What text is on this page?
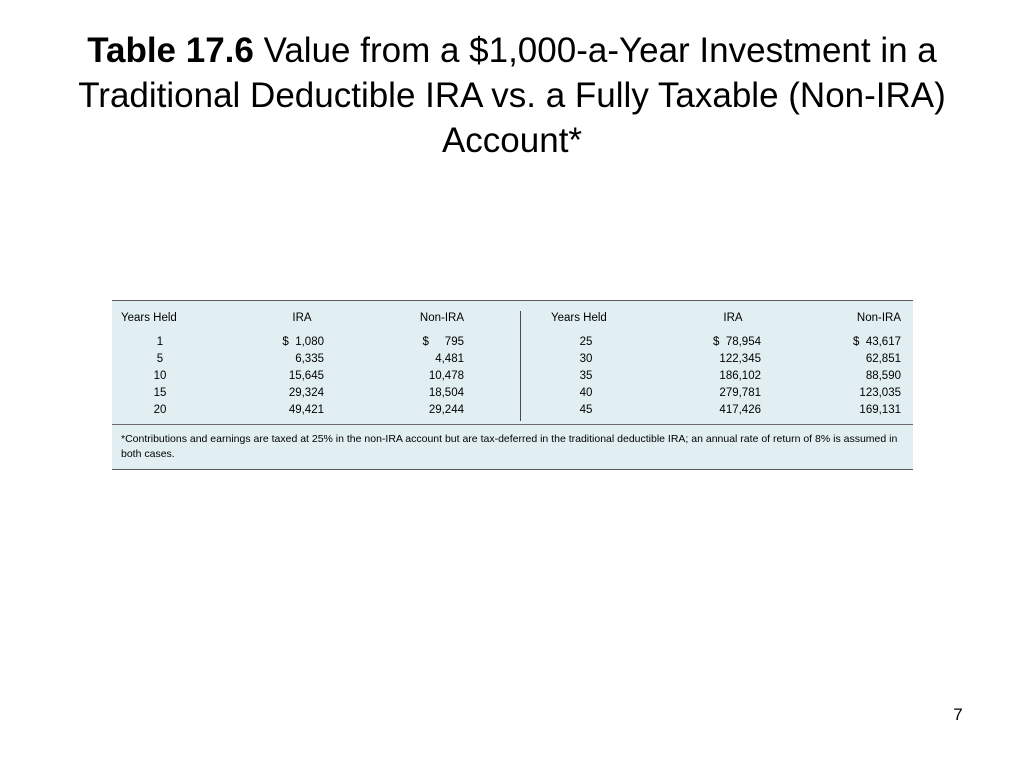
Table 17.6 Value from a $1,000-a-Year Investment in a Traditional Deductible IRA vs. a Fully Taxable (Non-IRA) Account*
Years Held	IRA	Non-IRA	Years Held	IRA	Non-IRA
1	$  1,080	$     795	25	$  78,954	$  43,617
5	6,335	4,481	30	122,345	62,851
10	15,645	10,478	35	186,102	88,590
15	29,324	18,504	40	279,781	123,035
20	49,421	29,244	45	417,426	169,131

*Contributions and earnings are taxed at 25% in the non-IRA account but are tax-deferred in the traditional deductible IRA; an annual rate of return of 8% is assumed in both cases.

7
